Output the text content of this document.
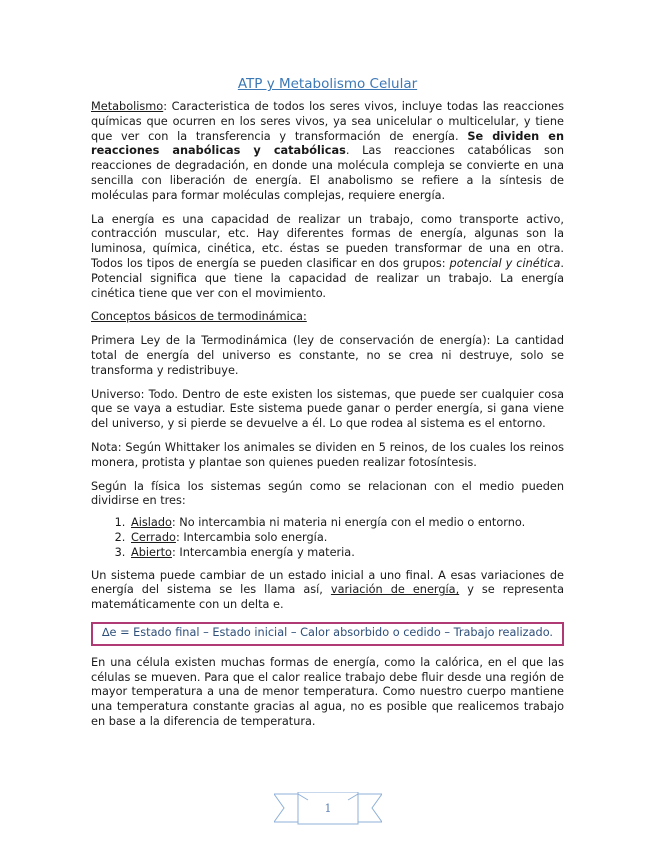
ATP y Metabolismo Celular

Metabolismo: Caracteristica de todos los seres vivos, incluye todas las reacciones químicas que ocurren en los seres vivos, ya sea unicelular o multicelular, y tiene que ver con la transferencia y transformación de energía. Se dividen en reacciones anabólicas y catabólicas. Las reacciones catabólicas son reacciones de degradación, en donde una molécula compleja se convierte en una sencilla con liberación de energía. El anabolismo se refiere a la síntesis de moléculas para formar moléculas complejas, requiere energía.

La energía es una capacidad de realizar un trabajo, como transporte activo, contracción muscular, etc. Hay diferentes formas de energía, algunas son la luminosa, química, cinética, etc. éstas se pueden transformar de una en otra. Todos los tipos de energía se pueden clasificar en dos grupos: potencial y cinética. Potencial significa que tiene la capacidad de realizar un trabajo. La energía cinética tiene que ver con el movimiento.

Conceptos básicos de termodinámica:

Primera Ley de la Termodinámica (ley de conservación de energía): La cantidad total de energía del universo es constante, no se crea ni destruye, solo se transforma y redistribuye.

Universo: Todo. Dentro de este existen los sistemas, que puede ser cualquier cosa que se vaya a estudiar. Este sistema puede ganar o perder energía, si gana viene del universo, y si pierde se devuelve a él. Lo que rodea al sistema es el entorno.

Nota: Según Whittaker los animales se dividen en 5 reinos, de los cuales los reinos monera, protista y plantae son quienes pueden realizar fotosíntesis.

Según la física los sistemas según como se relacionan con el medio pueden dividirse en tres:

1. Aislado: No intercambia ni materia ni energía con el medio o entorno.
2. Cerrado: Intercambia solo energía.
3. Abierto: Intercambia energía y materia.

Un sistema puede cambiar de un estado inicial a uno final. A esas variaciones de energía del sistema se les llama así, variación de energía, y se representa matemáticamente con un delta e.

∆e = Estado final – Estado inicial – Calor absorbido o cedido – Trabajo realizado.

En una célula existen muchas formas de energía, como la calórica, en el que las células se mueven. Para que el calor realice trabajo debe fluir desde una región de mayor temperatura a una de menor temperatura. Como nuestro cuerpo mantiene una temperatura constante gracias al agua, no es posible que realicemos trabajo en base a la diferencia de temperatura.

1
